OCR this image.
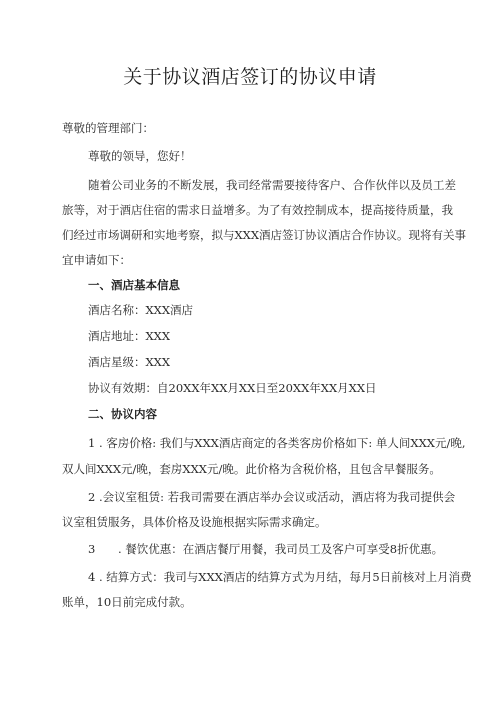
关于协议酒店签订的协议申请
尊敬的管理部门：
尊敬的领导，您好！
随着公司业务的不断发展，我司经常需要接待客户、合作伙伴以及员工差
旅等，对于酒店住宿的需求日益增多。为了有效控制成本，提高接待质量，我
们经过市场调研和实地考察，拟与XXX酒店签订协议酒店合作协议。现将有关事
宜申请如下：
一、酒店基本信息
酒店名称：XXX酒店
酒店地址：XXX
酒店星级：XXX
协议有效期：自20XX年XX月XX日至20XX年XX月XX日
二、协议内容
1 . 客房价格: 我们与XXX酒店商定的各类客房价格如下: 单人间XXX元/晚,
双人间XXX元/晚，套房XXX元/晚。此价格为含税价格，且包含早餐服务。
2 .会议室租赁: 若我司需要在酒店举办会议或活动，酒店将为我司提供会
议室租赁服务，具体价格及设施根据实际需求确定。
3 . 餐饮优惠：在酒店餐厅用餐，我司员工及客户可享受8折优惠。
4 . 结算方式：我司与XXX酒店的结算方式为月结，每月5日前核对上月消费
账单，10日前完成付款。
